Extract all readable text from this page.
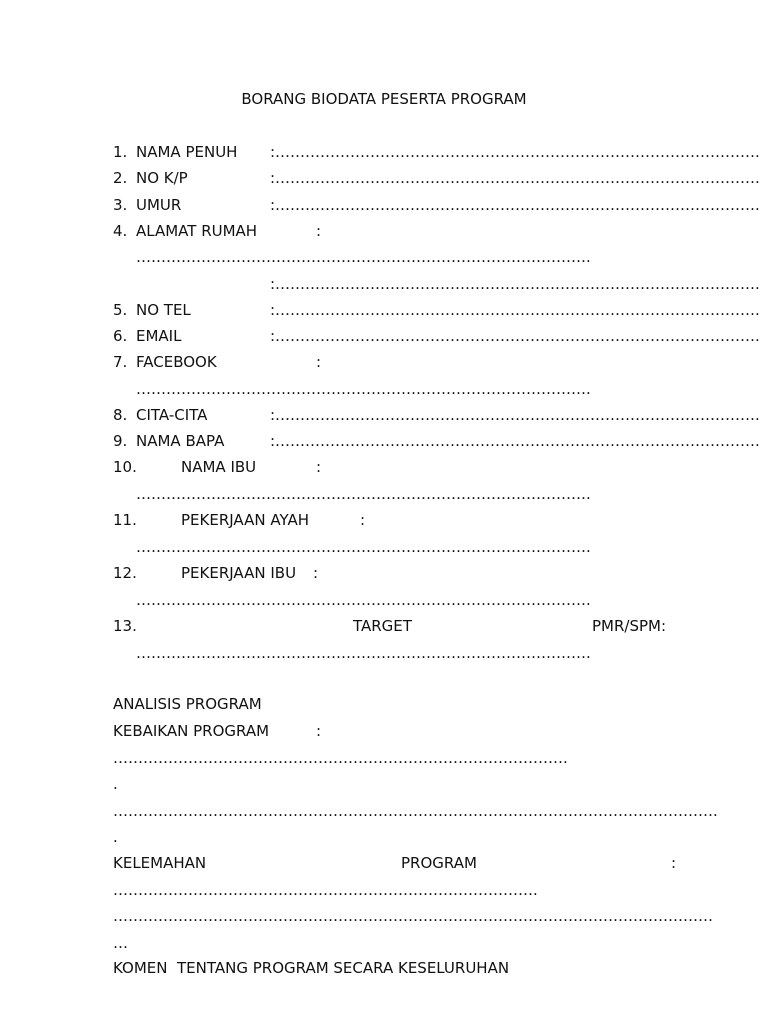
BORANG BIODATA PESERTA PROGRAM
1. NAMA PENUH :…………………………………………………………………………………….
2. NO K/P	:…………………………………………………………………………………….
3. UMUR	:…………………………………………………………………………………….
4. ALAMAT RUMAH	:
……………………………………………………………………………….
:…………………………………………………………………………………….
5. NO TEL	:…………………………………………………………………………………….
6. EMAIL	:…………………………………………………………………………………….
7. FACEBOOK	:
……………………………………………………………………………….
8. CITA-CITA	:…………………………………………………………………………………….
9. NAMA BAPA	:…………………………………………………………………………………….
10.	NAMA IBU	:
……………………………………………………………………………….
11.	PEKERJAAN AYAH	:
……………………………………………………………………………….
12.	PEKERJAAN IBU :
……………………………………………………………………………….
13.	TARGET	PMR/SPM:
……………………………………………………………………………….
ANALISIS PROGRAM
KEBAIKAN PROGRAM	:
……………………………………………………………………………….
.
………………………………………………………………………………………………………….
.
KELEMAHAN	PROGRAM	:
………………………………………………………………………….
…………………………………………………………………………………………………………
…
KOMEN  TENTANG PROGRAM SECARA KESELURUHAN
